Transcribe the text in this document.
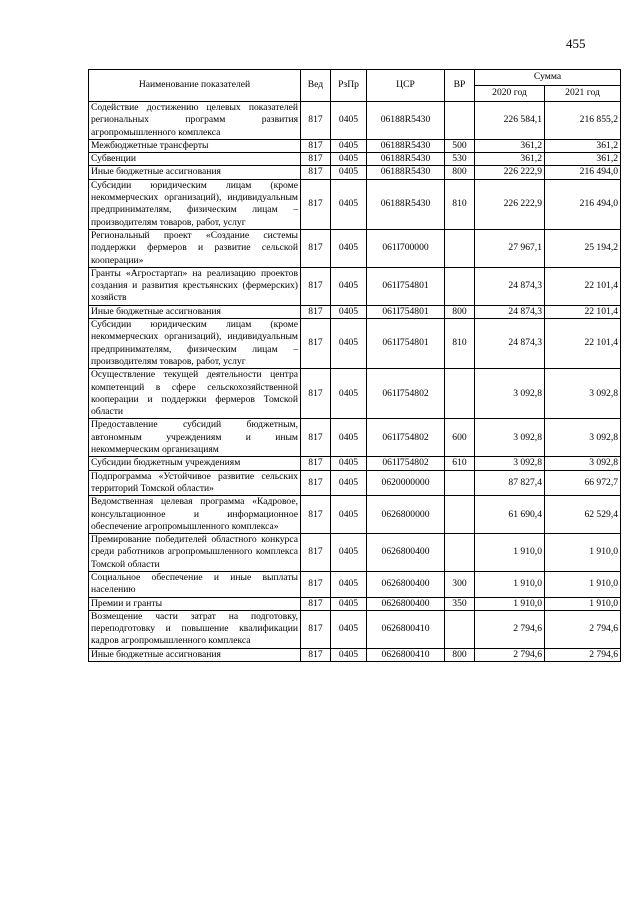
455
Наименование показателей	Вед	РзПр	ЦСР	ВР	Сумма	
					2020 год	2021 год
Содействие достижению целевых показателей региональных программ развития агропромышленного комплекса	817	0405	06188R5430		226 584,1	216 855,2
Межбюджетные трансферты	817	0405	06188R5430	500	361,2	361,2
Субвенции	817	0405	06188R5430	530	361,2	361,2
Иные бюджетные ассигнования	817	0405	06188R5430	800	226 222,9	216 494,0
Субсидии юридическим лицам (кроме некоммерческих организаций), индивидуальным предпринимателям, физическим лицам – производителям товаров, работ, услуг	817	0405	06188R5430	810	226 222,9	216 494,0
Региональный проект «Создание системы поддержки фермеров и развитие сельской кооперации»	817	0405	061I700000		27 967,1	25 194,2
Гранты «Агростартап» на реализацию проектов создания и развития крестьянских (фермерских) хозяйств	817	0405	061I754801		24 874,3	22 101,4
Иные бюджетные ассигнования	817	0405	061I754801	800	24 874,3	22 101,4
Субсидии юридическим лицам (кроме некоммерческих организаций), индивидуальным предпринимателям, физическим лицам – производителям товаров, работ, услуг	817	0405	061I754801	810	24 874,3	22 101,4
Осуществление текущей деятельности центра компетенций в сфере сельскохозяйственной кооперации и поддержки фермеров Томской области	817	0405	061I754802		3 092,8	3 092,8
Предоставление субсидий бюджетным, автономным учреждениям и иным некоммерческим организациям	817	0405	061I754802	600	3 092,8	3 092,8
Субсидии бюджетным учреждениям	817	0405	061I754802	610	3 092,8	3 092,8
Подпрограмма «Устойчивое развитие сельских территорий Томской области»	817	0405	0620000000		87 827,4	66 972,7
Ведомственная целевая программа «Кадровое, консультационное и информационное обеспечение агропромышленного комплекса»	817	0405	0626800000		61 690,4	62 529,4
Премирование победителей областного конкурса среди работников агропромышленного комплекса Томской области	817	0405	0626800400		1 910,0	1 910,0
Социальное обеспечение и иные выплаты населению	817	0405	0626800400	300	1 910,0	1 910,0
Премии и гранты	817	0405	0626800400	350	1 910,0	1 910,0
Возмещение части затрат на подготовку, переподготовку и повышение квалификации кадров агропромышленного комплекса	817	0405	0626800410		2 794,6	2 794,6
Иные бюджетные ассигнования	817	0405	0626800410	800	2 794,6	2 794,6
